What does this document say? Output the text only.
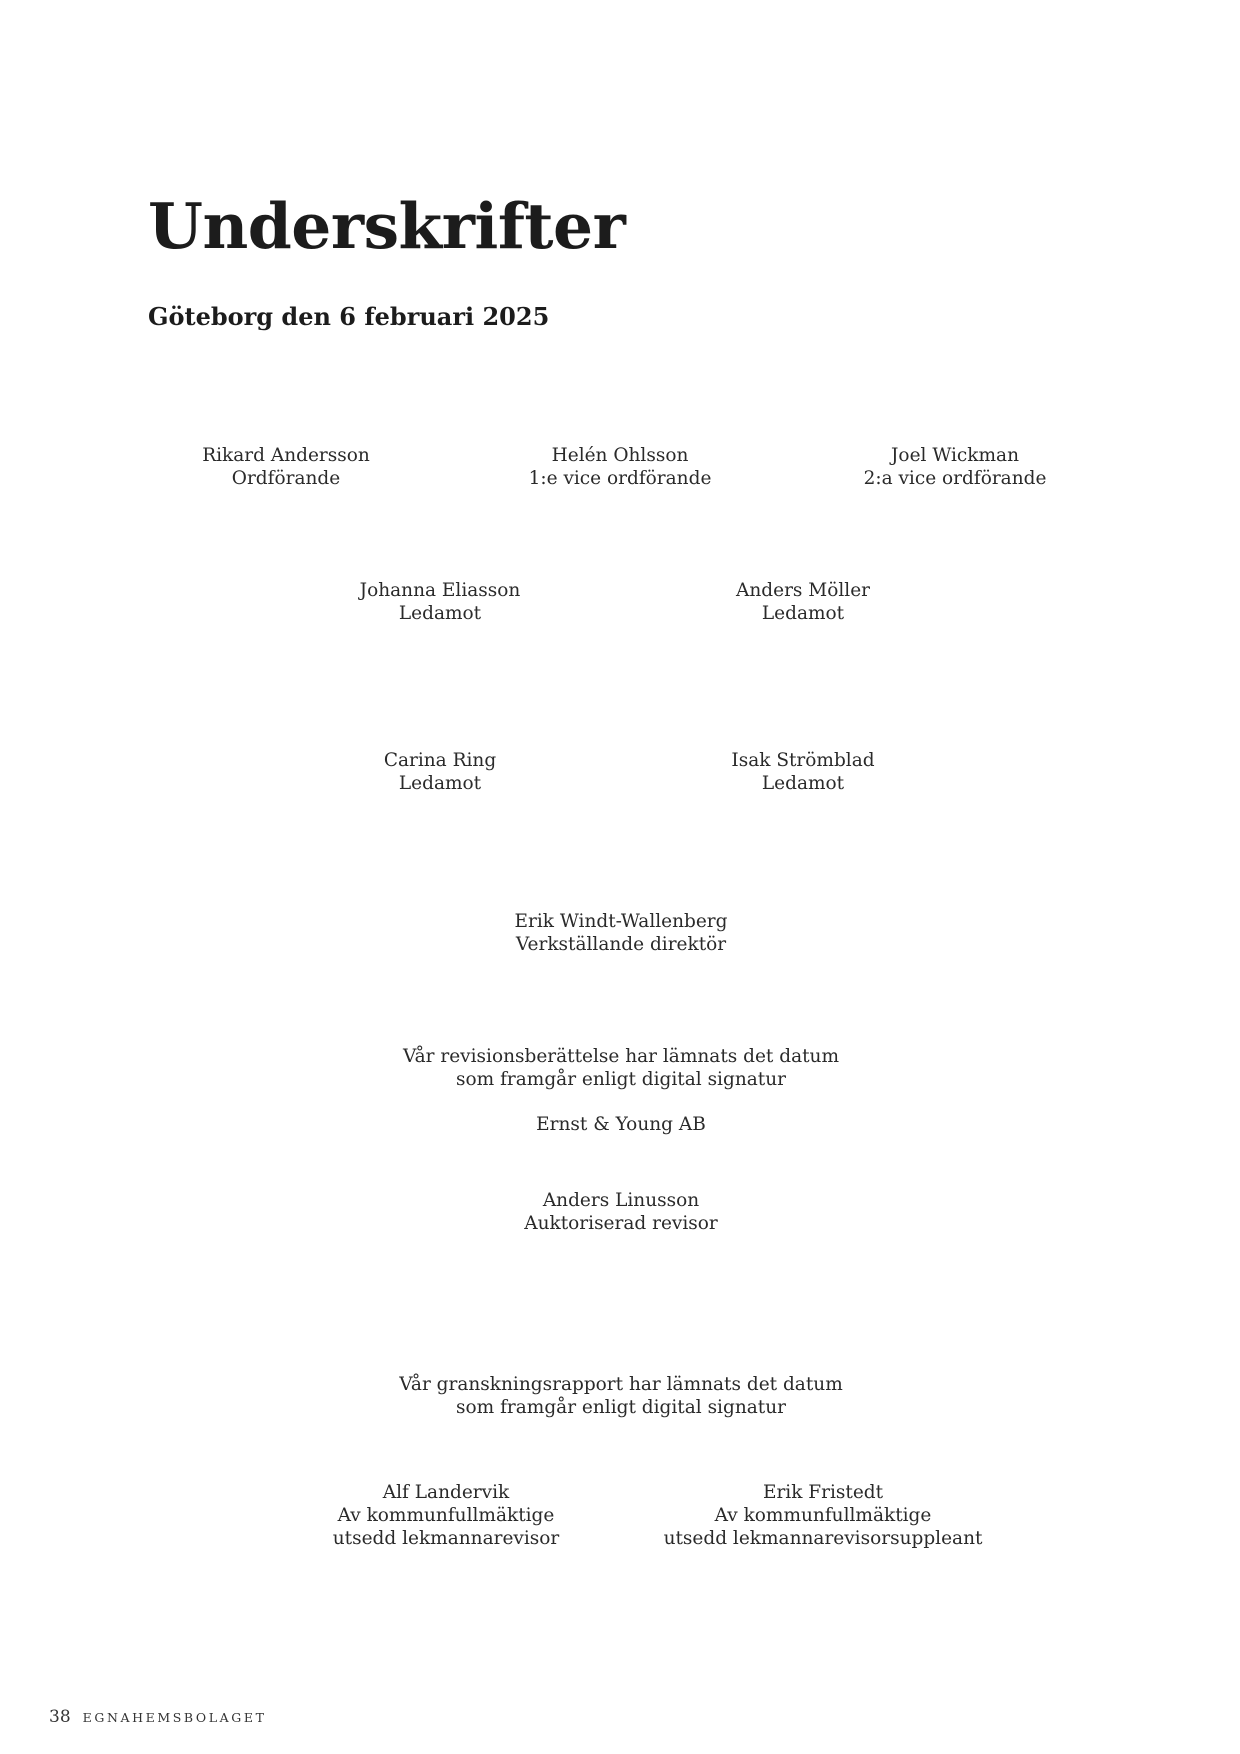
Underskrifter
Göteborg den 6 februari 2025
Rikard Andersson
Ordförande
Helén Ohlsson
1:e vice ordförande
Joel Wickman
2:a vice ordförande
Johanna Eliasson
Ledamot
Anders Möller
Ledamot
Carina Ring
Ledamot
Isak Strömblad
Ledamot
Erik Windt-Wallenberg
Verkställande direktör
Vår revisionsberättelse har lämnats det datum
som framgår enligt digital signatur
Ernst & Young AB
Anders Linusson
Auktoriserad revisor
Vår granskningsrapport har lämnats det datum
som framgår enligt digital signatur
Alf Landervik
Av kommunfullmäktige
utsedd lekmannarevisor
Erik Fristedt
Av kommunfullmäktige
utsedd lekmannarevisorsuppleant
38 EGNAHEMSBOLAGET
